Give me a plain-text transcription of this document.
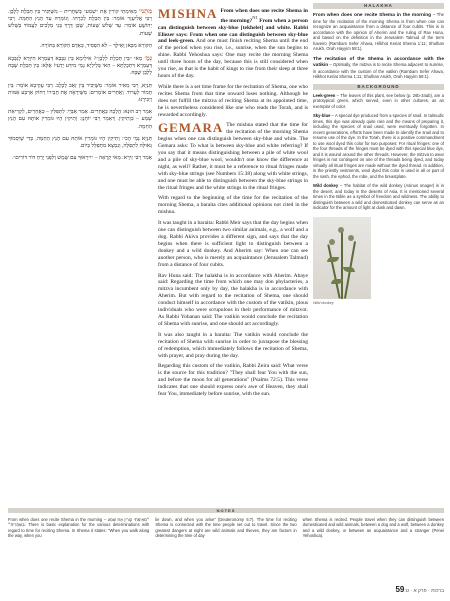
מַתְנִי׳ מֵאֵימָתַי קוֹרִין אֶת ״שְׁמַע״ בְּשַׁחֲרִית – מִשֶּׁיַּכִּיר בֵּין תְּכֵלֶת לְלָבָן. רַבִּי אֱלִיעֶזֶר אוֹמֵר: בֵּין תְּכֵלֶת לְכַרְתִּי. וְגוֹמְרָהּ עַד הָנֵץ הַחַמָּה. רַבִּי יְהוֹשֻׁעַ אוֹמֵר: עַד שָׁלֹשׁ שָׁעוֹת, שֶׁכֵּן דֶּרֶךְ בְּנֵי מְלָכִים לַעֲמוֹד בְּשָׁלֹשׁ שָׁעוֹת.

הַקּוֹרֵא מִכָּאן וָאֵילָךְ – לֹא הִפְסִיד, כְּאָדָם הַקּוֹרֵא בַּתּוֹרָה.

גְּמָ׳ מַאי ״בֵּין תְּכֵלֶת לְלָבָן״? אִילֵימָא בֵּין גַּבָּבָא דְּעַמְרָא חִיוָּרָא לְגַבָּבָא דְּעַמְרָא דִּתְכֶלְתָּא – הַאי בְּלֵילְיָא נָמֵי מִידַּע יָדְעִי! אֶלָּא: בֵּין תְּכֵלֶת שֶׁבָּהּ לְלָבָן שֶׁבָּהּ.

תַּנְיָא, רַבִּי מֵאִיר אוֹמֵר: מִשֶּׁיַּכִּיר בֵּין זְאֵב לְכֶלֶב. רַבִּי עֲקִיבָא אוֹמֵר: בֵּין חֲמוֹר לְעָרוֹד. וַאֲחֵרִים אוֹמְרִים: מִשֶּׁיִּרְאֶה אֶת חֲבֵירוֹ רָחוֹק אַרְבַּע אַמּוֹת וְיַכִּירֶנּוּ.

אָמַר רַב הוּנָא: הֲלָכָה כַּאֲחֵרִים. אָמַר אַבַּיֵּי: לִתְפִלִּין – כַּאֲחֵרִים, לִקְרִיאַת שְׁמַע – כִּוָתִיקִין. דְּאָמַר רַבִּי יוֹחָנָן: וָתִיקִין הָיוּ גּוֹמְרִין אוֹתָהּ עִם הָנֵץ הַחַמָּה.

תַּנְיָא נָמֵי הָכִי: וָתִיקִין הָיוּ גּוֹמְרִין אוֹתָהּ עִם הָנֵץ הַחַמָּה, כְּדֵי שֶׁיִּסְמוֹךְ גְּאוּלָּה לִתְפִלָּה, וְנִמְצָא מִתְפַּלֵּל בַּיּוֹם.

אָמַר רַבִּי זֵירָא: מַאי קְרָאָה – ״יִירָאוּךָ עִם שָׁמֶשׁ וְלִפְנֵי יָרֵחַ דּוֹר דּוֹרִים״.

MISHNA From when does one recite Shema in the morning?$^{N1}$ From when a person can distinguish between sky-blue [tekhelet] and white. Rabbi Eliezer says: From when one can distinguish between sky-blue and leek-green. And one must finish reciting Shema until the end of the period when you rise, i.e., sunrise, when the sun begins to shine. Rabbi Yehoshua says: One may recite the morning Shema until three hours of the day, because this is still considered when you rise, as that is the habit of kings to rise from their sleep at three hours of the day.

While there is a set time frame for the recitation of Shema, one who recites Shema from that time onward loses nothing. Although he does not fulfill the mitzva of reciting Shema at its appointed time, he is nevertheless considered like one who reads the Torah, and is rewarded accordingly.

GEMARA The mishna stated that the time for the recitation of the morning Shema begins when one can distinguish between sky-blue and white. The Gemara asks: To what is between sky-blue and white referring? If you say that it means distinguishing between a pile of white wool and a pile of sky-blue wool, wouldn't one know the difference at night, as well? Rather, it must be a reference to ritual fringes made with sky-blue strings (see Numbers 15:38) along with white strings, and one must be able to distinguish between the sky-blue strings in the ritual fringes and the white strings in the ritual fringes.

With regard to the beginning of the time for the recitation of the morning Shema, a baraita cites additional opinions not cited in the mishna.

It was taught in a baraita: Rabbi Meir says that the day begins when one can distinguish between two similar animals, e.g., a wolf and a dog. Rabbi Akiva provides a different sign, and says that the day begins when there is sufficient light to distinguish between a donkey and a wild donkey. And Aherim say: When one can see another person, who is merely an acquaintance (Jerusalem Talmud) from a distance of four cubits.

Rav Huna said: The halakha is in accordance with Aherim. Abaye said: Regarding the time from which one may don phylacteries, a mitzva incumbent only by day, the halakha is in accordance with Aherim. But with regard to the recitation of Shema, one should conduct himself in accordance with the custom of the vatikin, pious individuals who were scrupulous in their performance of mitzvot. As Rabbi Yohanan said: The vatikin would conclude the recitation of Shema with sunrise, and one should act accordingly.

It was also taught in a baraita: The vatikin would conclude the recitation of Shema with sunrise in order to juxtapose the blessing of redemption, which immediately follows the recitation of Shema, with prayer, and pray during the day.

Regarding this custom of the vatikin, Rabbi Zeira said: What verse is the source for this tradition? "They shall fear You with the sun, and before the moon for all generations" (Psalms 72:5). This verse indicates that one should express one's awe of Heaven, they shall fear You, immediately before sunrise, with the sun.

HALAKHA

From when does one recite Shema in the morning – The time for the recitation of the morning Shema is from when one can recognize an acquaintance from a distance of four cubits. This is in accordance with the opinion of Aherim and the ruling of Rav Huna, and based on the definition in the Jerusalem Talmud of the term haveiro (Rambam Sefer Ahava, Hilkhot Keriat Shema 1:11; Shulhan Arukh, Orah Hayyim 58:1).

The recitation of the Shema in accordance with the vatikin – Optimally, the mitzva is to recite Shema adjacent to sunrise, in accordance with the custom of the vatikin (Rambam Sefer Ahava, Hilkhot Keriat Shema 1:11; Shulhan Arukh, Orah Hayyim 58:1).

BACKGROUND

Leek-green – The leaves of this plant, see below (p. 26b-34ab), are a prototypical green, which served, even in other cultures, as an exemplar of color.

Sky-blue – A special dye produced from a species of snail. In talmudic times, this dye was already quite rare and the means of preparing it, including the species of snail used, were eventually forgotten. In recent generations, efforts have been made to identify the snail and to resume use of the dye. In the Torah, there is a positive commandment to use wool dyed this color for two purposes: For ritual fringes: one of the four threads of the fringes must be dyed with this special blue dye, and it is wound around the other threads. However, the mitzva to wear fringes is not contingent on one of the threads being dyed, and today virtually all ritual fringes are made without the dyed thread. In addition, in the priestly vestments, wool dyed this color is used in all or part of the sash, the ephod, the robe, and the breastplate.

Wild donkey – The habitat of the wild donkey (Asinus onager) is in the desert, and today in the deserts of Asia. It is mentioned several times in the Bible as a symbol of freedom and wildness. The ability to distinguish between a wild and domesticated donkey can serve as an indicator for the amount of light at dusk and dawn.

Wild donkey
NOTES
From when does one recite Shema in the morning – ״מֵאֵימָתַי קוֹרִין אֶת שְׁמַע בְּשַׁחֲרִית״: There is basic explanation for the various determinations with regard to time for reciting Shema. In Shema it states: "When you walk along the way, when you
lie down, and when you arise" (Deuteronomy 6:7). The time for reciting Shema is connected with the time people set out to travel. Since the two greatest dangers at night are wild animals and thieves, they are factors in determining the time of day
when Shema is recited. People travel when they can distinguish between domesticated and wild animals, between a dog and a wolf, between a donkey and a wild donkey, or between an acquaintance and a stranger (Penei Yehoshua).
ברכות · פרק א · ט:59
